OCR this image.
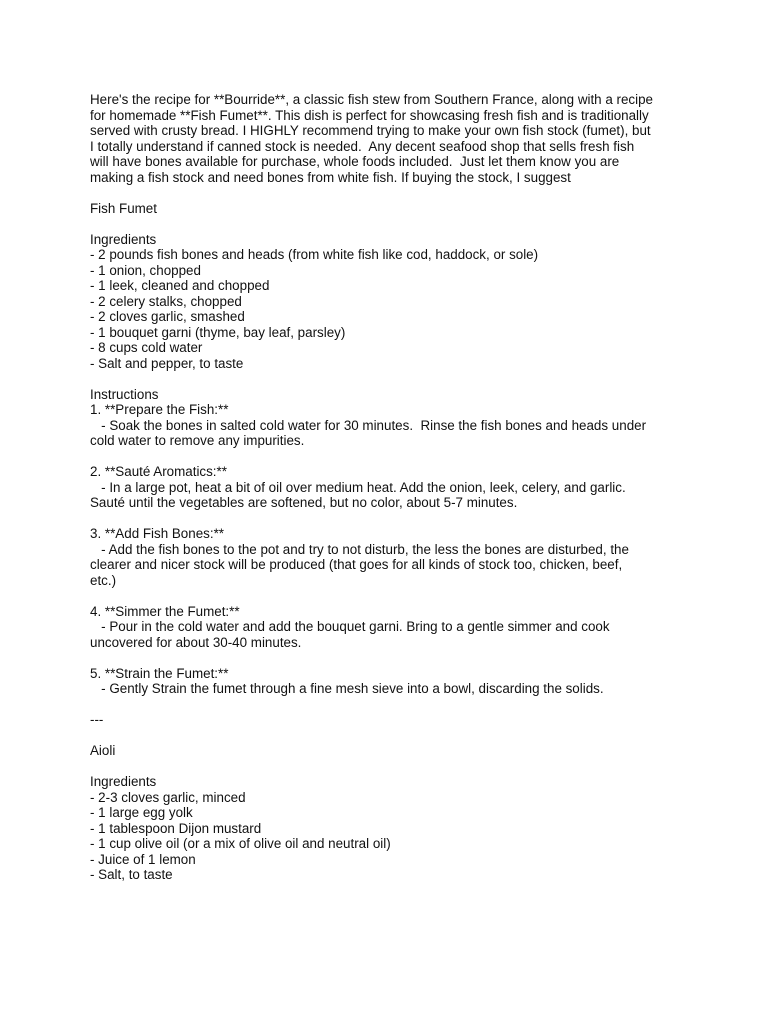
Here's the recipe for **Bourride**, a classic fish stew from Southern France, along with a recipe
for homemade **Fish Fumet**. This dish is perfect for showcasing fresh fish and is traditionally
served with crusty bread. I HIGHLY recommend trying to make your own fish stock (fumet), but
I totally understand if canned stock is needed.  Any decent seafood shop that sells fresh fish
will have bones available for purchase, whole foods included.  Just let them know you are
making a fish stock and need bones from white fish. If buying the stock, I suggest
Fish Fumet
Ingredients
- 2 pounds fish bones and heads (from white fish like cod, haddock, or sole)
- 1 onion, chopped
- 1 leek, cleaned and chopped
- 2 celery stalks, chopped
- 2 cloves garlic, smashed
- 1 bouquet garni (thyme, bay leaf, parsley)
- 8 cups cold water
- Salt and pepper, to taste
Instructions
1. **Prepare the Fish:**
- Soak the bones in salted cold water for 30 minutes.  Rinse the fish bones and heads under
cold water to remove any impurities.
2. **Sauté Aromatics:**
- In a large pot, heat a bit of oil over medium heat. Add the onion, leek, celery, and garlic.
Sauté until the vegetables are softened, but no color, about 5-7 minutes.
3. **Add Fish Bones:**
- Add the fish bones to the pot and try to not disturb, the less the bones are disturbed, the
clearer and nicer stock will be produced (that goes for all kinds of stock too, chicken, beef,
etc.)
4. **Simmer the Fumet:**
- Pour in the cold water and add the bouquet garni. Bring to a gentle simmer and cook
uncovered for about 30-40 minutes.
5. **Strain the Fumet:**
- Gently Strain the fumet through a fine mesh sieve into a bowl, discarding the solids.
---
Aioli
Ingredients
- 2-3 cloves garlic, minced
- 1 large egg yolk
- 1 tablespoon Dijon mustard
- 1 cup olive oil (or a mix of olive oil and neutral oil)
- Juice of 1 lemon
- Salt, to taste
